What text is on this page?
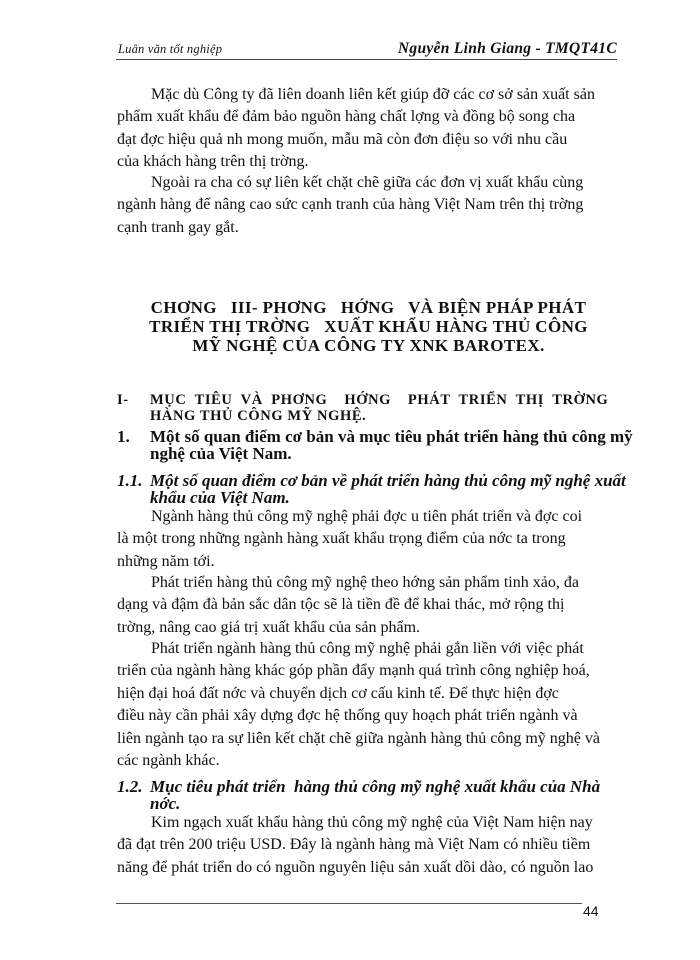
Luân văn tốt nghiệp	Nguyễn Linh Giang - TMQT41C
Mặc dù Công ty đã liên doanh liên kết giúp đỡ các cơ sở sản xuất sản
phẩm xuất khẩu để đảm bảo nguồn hàng chất lợng và đồng bộ song cha
đạt đợc hiệu quả nh mong muốn, mẫu mã còn đơn điệu so với nhu cầu
của khách hàng trên thị trờng.
Ngoài ra cha có sự liên kết chặt chẽ giữa các đơn vị xuất khẩu cùng
ngành hàng để nâng cao sức cạnh tranh của hàng Việt Nam trên thị trờng
cạnh tranh gay gắt.
CHƠNG   III- PHƠNG   HỚNG   VÀ BIỆN PHÁP PHÁT
TRIỂN THỊ TRỜNG   XUẤT KHẨU HÀNG THỦ CÔNG
MỸ NGHỆ CỦA CÔNG TY XNK BAROTEX.
I- MỤC  TIÊU  VÀ  PHƠNG    HỚNG    PHÁT  TRIỂN  THỊ  TRỜNG
HÀNG THỦ CÔNG MỸ NGHỆ.
1. Một số quan điểm cơ bản và mục tiêu phát triển hàng thủ công mỹ
nghệ của Việt Nam.
1.1. Một số quan điểm cơ bản về phát triển hàng thủ công mỹ nghệ xuất
khẩu của Việt Nam.
Ngành hàng thủ công mỹ nghệ phải đợc u tiên phát triển và đợc coi
là một trong những ngành hàng xuất khẩu trọng điểm của nớc ta trong
những năm tới.
Phát triển hàng thủ công mỹ nghệ theo hớng sản phẩm tinh xảo, đa
dạng và đậm đà bản sắc dân tộc sẽ là tiền đề để khai thác, mở rộng thị
trờng, nâng cao giá trị xuất khẩu của sản phẩm.
Phát triển ngành hàng thủ công mỹ nghệ phải gắn liền với việc phát
triển của ngành hàng khác góp phần đẩy mạnh quá trình công nghiệp hoá,
hiện đại hoá đất nớc và chuyển dịch cơ cấu kinh tế. Để thực hiện đợc
điều này cần phải xây dựng đợc hệ thống quy hoạch phát triển ngành và
liên ngành tạo ra sự liên kết chặt chẽ giữa ngành hàng thủ công mỹ nghệ và
các ngành khác.
1.2. Mục tiêu phát triển  hàng thủ công mỹ nghệ xuất khẩu của Nhà
nớc.
Kim ngạch xuất khẩu hàng thủ công mỹ nghệ của Việt Nam hiện nay
đã đạt trên 200 triệu USD. Đây là ngành hàng mà Việt Nam có nhiều tiềm
năng để phát triển do có nguồn nguyên liệu sản xuất dồi dào, có nguồn lao
44
